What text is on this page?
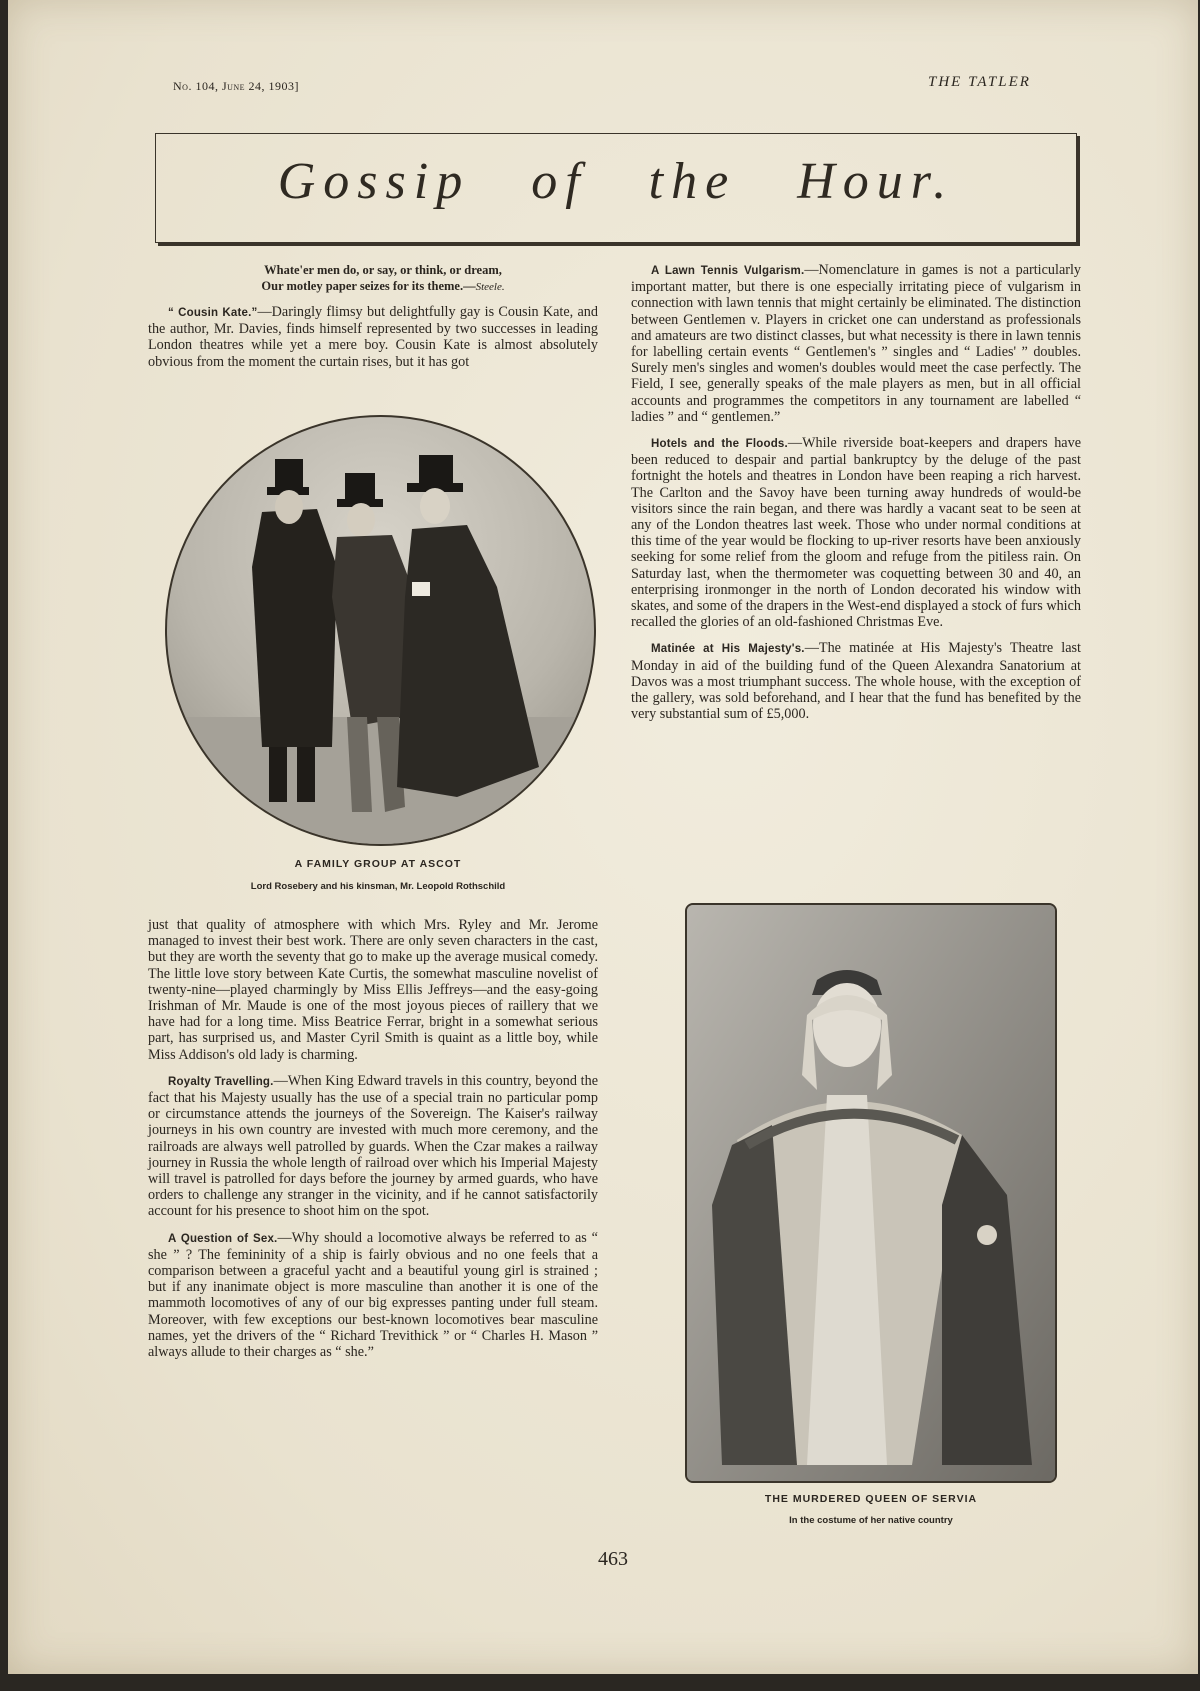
No. 104, June 24, 1903]	THE TATLER
Gossip of the Hour.
Whate'er men do, or say, or think, or dream,
Our motley paper seizes for its theme.—Steele.

“ Cousin Kate.”—Daringly flimsy but delightfully gay is Cousin Kate, and the author, Mr. Davies, finds himself represented by two successes in leading London theatres while yet a mere boy. Cousin Kate is almost absolutely obvious from the moment the curtain rises, but it has got

A FAMILY GROUP AT ASCOT
Lord Rosebery and his kinsman, Mr. Leopold Rothschild

just that quality of atmosphere with which Mrs. Ryley and Mr. Jerome managed to invest their best work. There are only seven characters in the cast, but they are worth the seventy that go to make up the average musical comedy. The little love story between Kate Curtis, the somewhat masculine novelist of twenty-nine—played charmingly by Miss Ellis Jeffreys—and the easy-going Irishman of Mr. Maude is one of the most joyous pieces of raillery that we have had for a long time. Miss Beatrice Ferrar, bright in a somewhat serious part, has surprised us, and Master Cyril Smith is quaint as a little boy, while Miss Addison's old lady is charming.

Royalty Travelling.—When King Edward travels in this country, beyond the fact that his Majesty usually has the use of a special train no particular pomp or circumstance attends the journeys of the Sovereign. The Kaiser's railway journeys in his own country are invested with much more ceremony, and the railroads are always well patrolled by guards. When the Czar makes a railway journey in Russia the whole length of railroad over which his Imperial Majesty will travel is patrolled for days before the journey by armed guards, who have orders to challenge any stranger in the vicinity, and if he cannot satisfactorily account for his presence to shoot him on the spot.

A Question of Sex.—Why should a locomotive always be referred to as “ she ” ? The femininity of a ship is fairly obvious and no one feels that a comparison between a graceful yacht and a beautiful young girl is strained ; but if any inanimate object is more masculine than another it is one of the mammoth locomotives of any of our big expresses panting under full steam. Moreover, with few exceptions our best-known locomotives bear masculine names, yet the drivers of the “ Richard Trevithick ” or “ Charles H. Mason ” always allude to their charges as “ she.”

A Lawn Tennis Vulgarism.—Nomenclature in games is not a particularly important matter, but there is one especially irritating piece of vulgarism in connection with lawn tennis that might certainly be eliminated. The distinction between Gentlemen v. Players in cricket one can understand as professionals and amateurs are two distinct classes, but what necessity is there in lawn tennis for labelling certain events “ Gentlemen's ” singles and “ Ladies' ” doubles. Surely men's singles and women's doubles would meet the case perfectly. The Field, I see, generally speaks of the male players as men, but in all official accounts and programmes the competitors in any tournament are labelled “ ladies ” and “ gentlemen.”

Hotels and the Floods.—While riverside boat-keepers and drapers have been reduced to despair and partial bankruptcy by the deluge of the past fortnight the hotels and theatres in London have been reaping a rich harvest. The Carlton and the Savoy have been turning away hundreds of would-be visitors since the rain began, and there was hardly a vacant seat to be seen at any of the London theatres last week. Those who under normal conditions at this time of the year would be flocking to up-river resorts have been anxiously seeking for some relief from the gloom and refuge from the pitiless rain. On Saturday last, when the thermometer was coquetting between 30 and 40, an enterprising ironmonger in the north of London decorated his window with skates, and some of the drapers in the West-end displayed a stock of furs which recalled the glories of an old-fashioned Christmas Eve.

Matinée at His Majesty's.—The matinée at His Majesty's Theatre last Monday in aid of the building fund of the Queen Alexandra Sanatorium at Davos was a most triumphant success. The whole house, with the exception of the gallery, was sold beforehand, and I hear that the fund has benefited by the very substantial sum of £5,000.

THE MURDERED QUEEN OF SERVIA
In the costume of her native country
463
